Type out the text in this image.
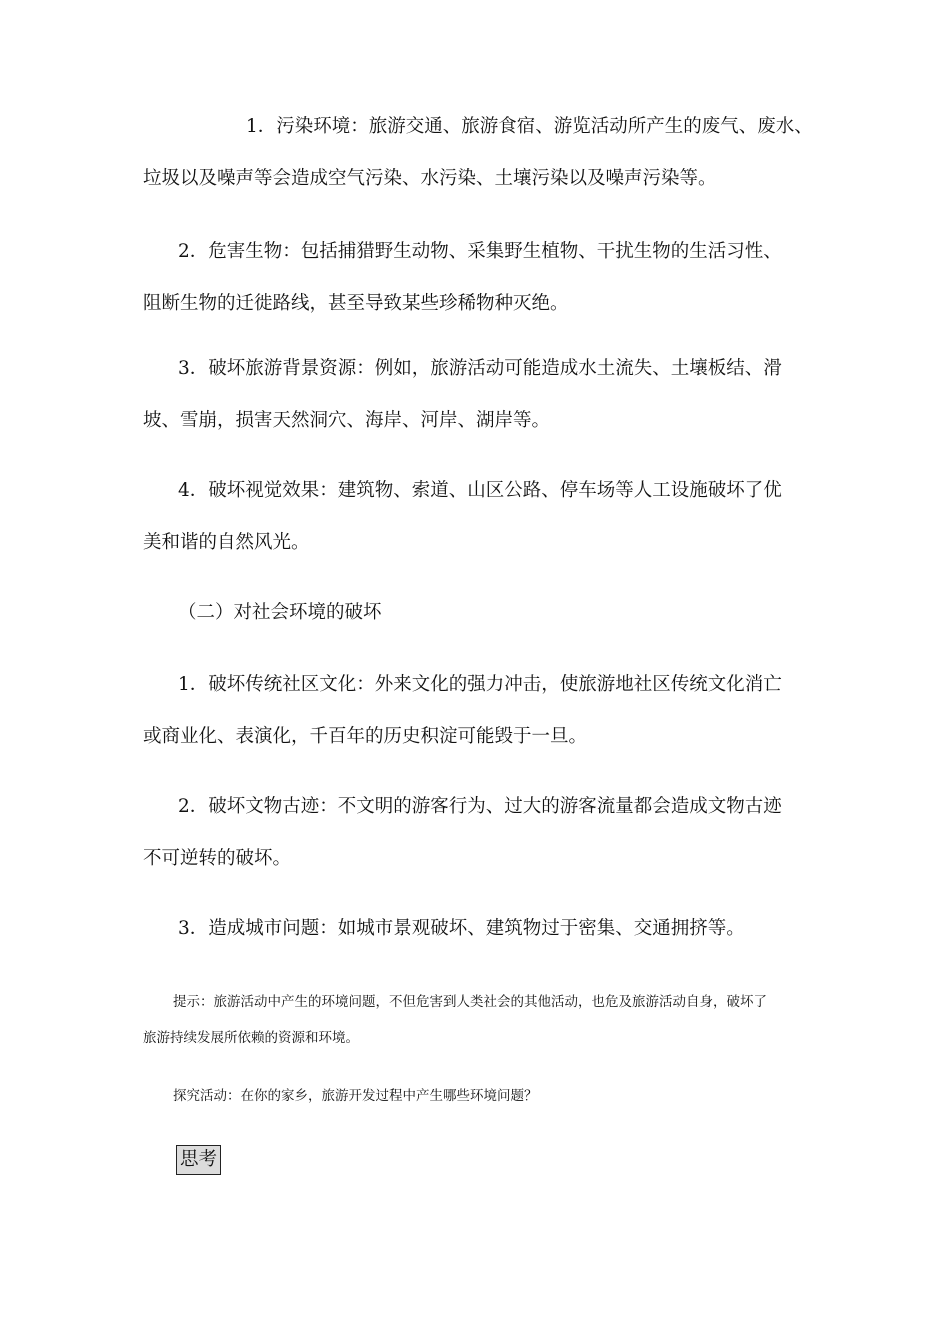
1．污染环境：旅游交通、旅游食宿、游览活动所产生的废气、废水、
垃圾以及噪声等会造成空气污染、水污染、土壤污染以及噪声污染等。

2．危害生物：包括捕猎野生动物、采集野生植物、干扰生物的生活习性、
阻断生物的迁徙路线，甚至导致某些珍稀物种灭绝。

3．破坏旅游背景资源：例如，旅游活动可能造成水土流失、土壤板结、滑
坡、雪崩，损害天然洞穴、海岸、河岸、湖岸等。

4．破坏视觉效果：建筑物、索道、山区公路、停车场等人工设施破坏了优
美和谐的自然风光。

（二）对社会环境的破坏

1．破坏传统社区文化：外来文化的强力冲击，使旅游地社区传统文化消亡
或商业化、表演化，千百年的历史积淀可能毁于一旦。

2．破坏文物古迹：不文明的游客行为、过大的游客流量都会造成文物古迹
不可逆转的破坏。

3．造成城市问题：如城市景观破坏、建筑物过于密集、交通拥挤等。

提示：旅游活动中产生的环境问题，不但危害到人类社会的其他活动，也危及旅游活动自身，破坏了
旅游持续发展所依赖的资源和环境。

探究活动：在你的家乡，旅游开发过程中产生哪些环境问题？

思考
